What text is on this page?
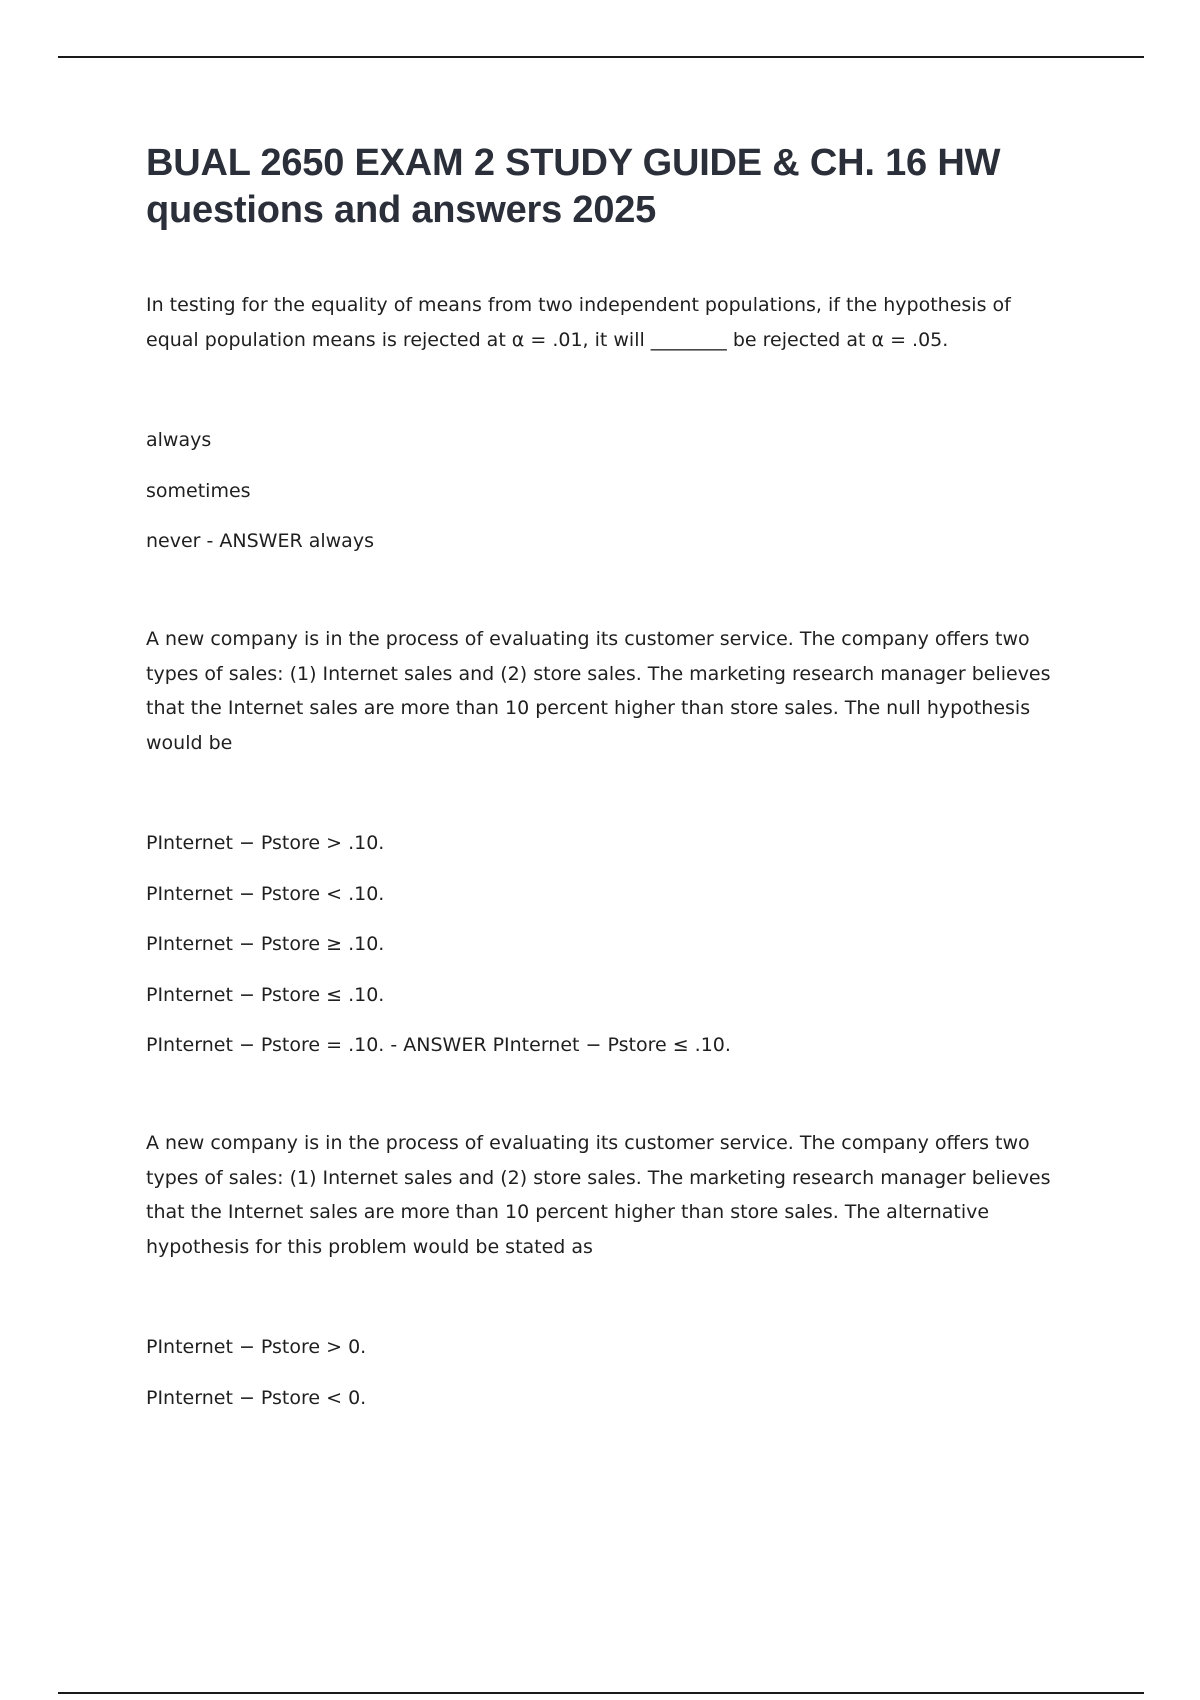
BUAL 2650 EXAM 2 STUDY GUIDE & CH. 16 HW questions and answers 2025

In testing for the equality of means from two independent populations, if the hypothesis of equal population means is rejected at α = .01, it will ________ be rejected at α = .05.

always
sometimes
never - ANSWER always

A new company is in the process of evaluating its customer service. The company offers two types of sales: (1) Internet sales and (2) store sales. The marketing research manager believes that the Internet sales are more than 10 percent higher than store sales. The null hypothesis would be

PInternet − Pstore > .10.
PInternet − Pstore < .10.
PInternet − Pstore ≥ .10.
PInternet − Pstore ≤ .10.
PInternet − Pstore = .10. - ANSWER PInternet − Pstore ≤ .10.

A new company is in the process of evaluating its customer service. The company offers two types of sales: (1) Internet sales and (2) store sales. The marketing research manager believes that the Internet sales are more than 10 percent higher than store sales. The alternative hypothesis for this problem would be stated as

PInternet − Pstore > 0.
PInternet − Pstore < 0.
